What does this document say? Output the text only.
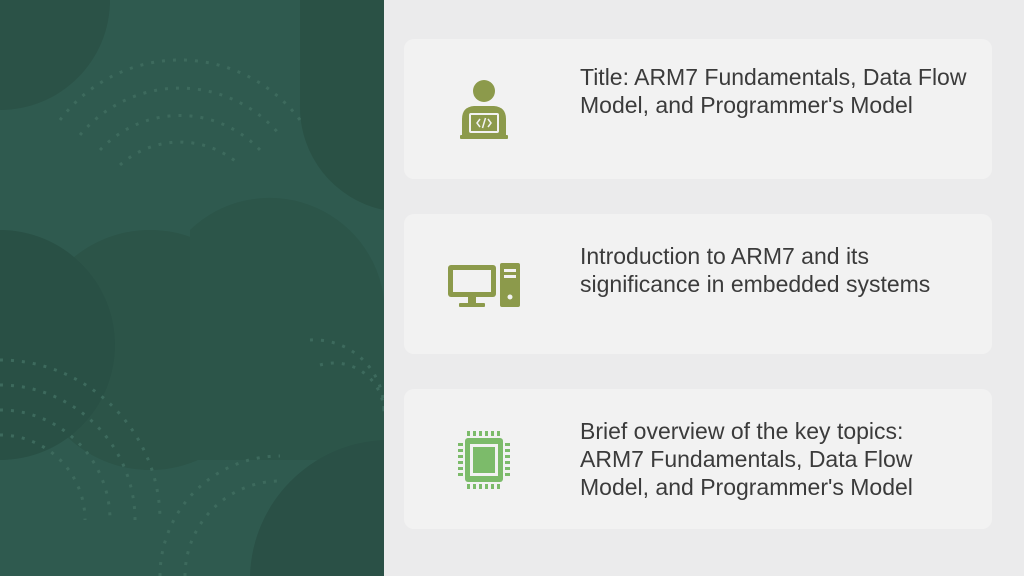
Title: ARM7 Fundamentals, Data Flow Model, and Programmer's Model
Introduction to ARM7 and its significance in embedded systems
Brief overview of the key topics: ARM7 Fundamentals, Data Flow Model, and Programmer's Model
